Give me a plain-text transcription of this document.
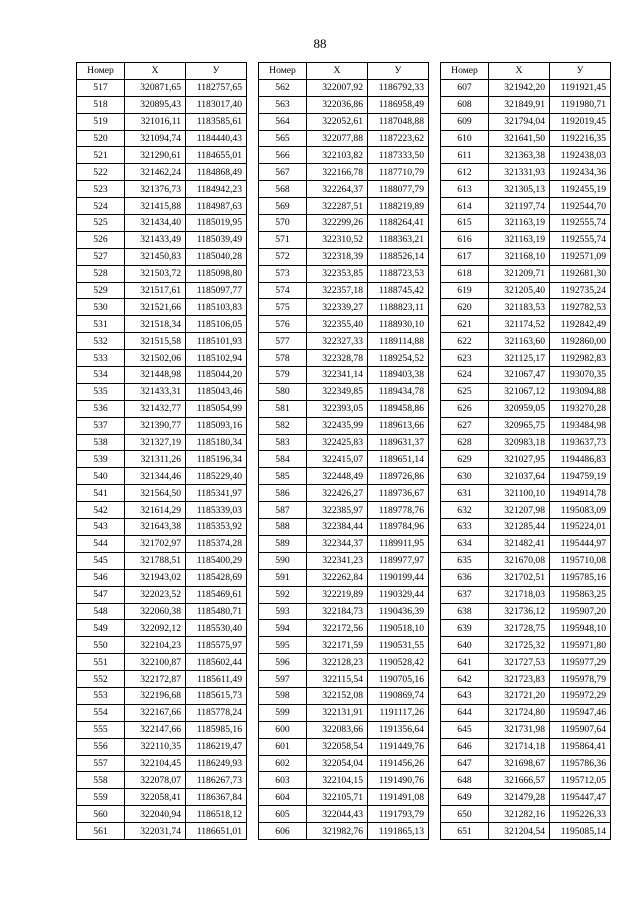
88
Номер	X	У
517	320871,65	1182757,65
518	320895,43	1183017,40
519	321016,11	1183585,61
520	321094,74	1184440,43
521	321290,61	1184655,01
522	321462,24	1184868,49
523	321376,73	1184942,23
524	321415,88	1184987,63
525	321434,40	1185019,95
526	321433,49	1185039,49
527	321450,83	1185040,28
528	321503,72	1185098,80
529	321517,61	1185097,77
530	321521,66	1185103,83
531	321518,34	1185106,05
532	321515,58	1185101,93
533	321502,06	1185102,94
534	321448,98	1185044,20
535	321433,31	1185043,46
536	321432,77	1185054,99
537	321390,77	1185093,16
538	321327,19	1185180,34
539	321311,26	1185196,34
540	321344,46	1185229,40
541	321564,50	1185341,97
542	321614,29	1185339,03
543	321643,38	1185353,92
544	321702,97	1185374,28
545	321788,51	1185400,29
546	321943,02	1185428,69
547	322023,52	1185469,61
548	322060,38	1185480,71
549	322092,12	1185530,40
550	322104,23	1185575,97
551	322100,87	1185602,44
552	322172,87	1185611,49
553	322196,68	1185615,73
554	322167,66	1185778,24
555	322147,66	1185985,16
556	322110,35	1186219,47
557	322104,45	1186249,93
558	322078,07	1186267,73
559	322058,41	1186367,84
560	322040,94	1186518,12
561	322031,74	1186651,01
Номер	X	У
562	322007,92	1186792,33
563	322036,86	1186958,49
564	322052,61	1187048,88
565	322077,88	1187223,62
566	322103,82	1187333,50
567	322166,78	1187710,79
568	322264,37	1188077,79
569	322287,51	1188219,89
570	322299,26	1188264,41
571	322310,52	1188363,21
572	322318,39	1188526,14
573	322353,85	1188723,53
574	322357,18	1188745,42
575	322339,27	1188823,11
576	322355,40	1188930,10
577	322327,33	1189114,88
578	322328,78	1189254,52
579	322341,14	1189403,38
580	322349,85	1189434,78
581	322393,05	1189458,86
582	322435,99	1189613,66
583	322425,83	1189631,37
584	322415,07	1189651,14
585	322448,49	1189726,86
586	322426,27	1189736,67
587	322385,97	1189778,76
588	322384,44	1189784,96
589	322344,37	1189911,95
590	322341,23	1189977,97
591	322262,84	1190199,44
592	322219,89	1190329,44
593	322184,73	1190436,39
594	322172,56	1190518,10
595	322171,59	1190531,55
596	322128,23	1190528,42
597	322115,54	1190705,16
598	322152,08	1190869,74
599	322131,91	1191117,26
600	322083,66	1191356,64
601	322058,54	1191449,76
602	322054,04	1191456,26
603	322104,15	1191490,76
604	322105,71	1191491,08
605	322044,43	1191793,79
606	321982,76	1191865,13
Номер	X	У
607	321942,20	1191921,45
608	321849,91	1191980,71
609	321794,04	1192019,45
610	321641,50	1192216,35
611	321363,38	1192438,03
612	321331,93	1192434,36
613	321305,13	1192455,19
614	321197,74	1192544,70
615	321163,19	1192555,74
616	321163,19	1192555,74
617	321168,10	1192571,09
618	321209,71	1192681,30
619	321205,40	1192735,24
620	321183,53	1192782,53
621	321174,52	1192842,49
622	321163,60	1192860,00
623	321125,17	1192982,83
624	321067,47	1193070,35
625	321067,12	1193094,88
626	320959,05	1193270,28
627	320965,75	1193484,98
628	320983,18	1193637,73
629	321027,95	1194486,83
630	321037,64	1194759,19
631	321100,10	1194914,78
632	321207,98	1195083,09
633	321285,44	1195224,01
634	321482,41	1195444,97
635	321670,08	1195710,08
636	321702,51	1195785,16
637	321718,03	1195863,25
638	321736,12	1195907,20
639	321728,75	1195948,10
640	321725,32	1195971,80
641	321727,53	1195977,29
642	321723,83	1195978,79
643	321721,20	1195972,29
644	321724,80	1195947,46
645	321731,98	1195907,64
646	321714,18	1195864,41
647	321698,67	1195786,36
648	321666,57	1195712,05
649	321479,28	1195447,47
650	321282,16	1195226,33
651	321204,54	1195085,14
